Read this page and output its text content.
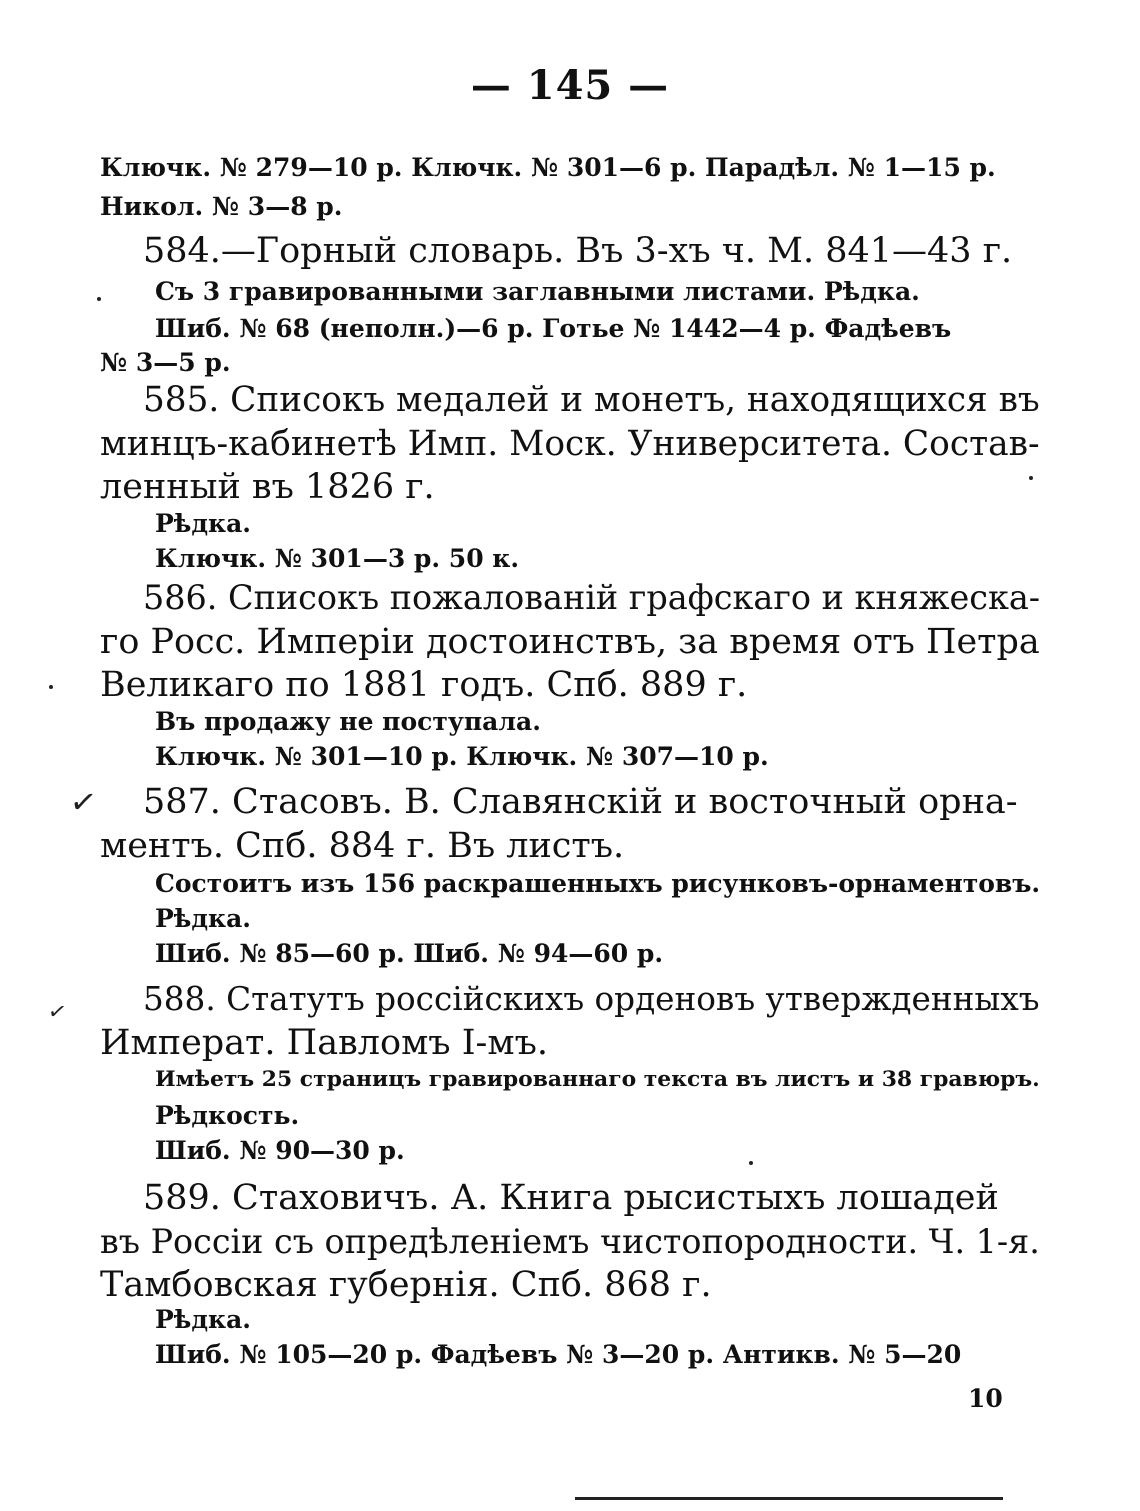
— 145 —
Ключк. № 279—10 р. Ключк. № 301—6 р. Парадѣл. № 1—15 р.
Никол. № 3—8 р.
584.—Горный словарь. Въ 3-хъ ч. М. 841—43 г.
Съ 3 гравированными заглавными листами. Рѣдка.
Шиб. № 68 (неполн.)—6 р. Готье № 1442—4 р. Фадѣевъ
№ 3—5 р.
585. Списокъ медалей и монетъ, находящихся въ
минцъ-кабинетѣ Имп. Моск. Университета. Состав-
ленный въ 1826 г.
Рѣдка.
Ключк. № 301—3 р. 50 к.
586. Списокъ пожалованій графскаго и княжеска-
го Росс. Имперіи достоинствъ, за время отъ Петра
Великаго по 1881 годъ. Спб. 889 г.
Въ продажу не поступала.
Ключк. № 301—10 р. Ключк. № 307—10 р.
✓ 587. Стасовъ. В. Славянскій и восточный орна-
ментъ. Спб. 884 г. Въ листъ.
Состоитъ изъ 156 раскрашенныхъ рисунковъ-орнаментовъ.
Рѣдка.
Шиб. № 85—60 р. Шиб. № 94—60 р.
✓ 588. Статутъ россійскихъ орденовъ утвержденныхъ
Императ. Павломъ I-мъ.
Имѣетъ 25 страницъ гравированнаго текста въ листъ и 38 гравюръ.
Рѣдкость.
Шиб. № 90—30 р.
589. Стаховичъ. А. Книга рысистыхъ лошадей
въ Россіи съ опредѣленіемъ чистопородности. Ч. 1-я.
Тамбовская губернія. Спб. 868 г.
Рѣдка.
Шиб. № 105—20 р. Фадѣевъ № 3—20 р. Антикв. № 5—20
10
